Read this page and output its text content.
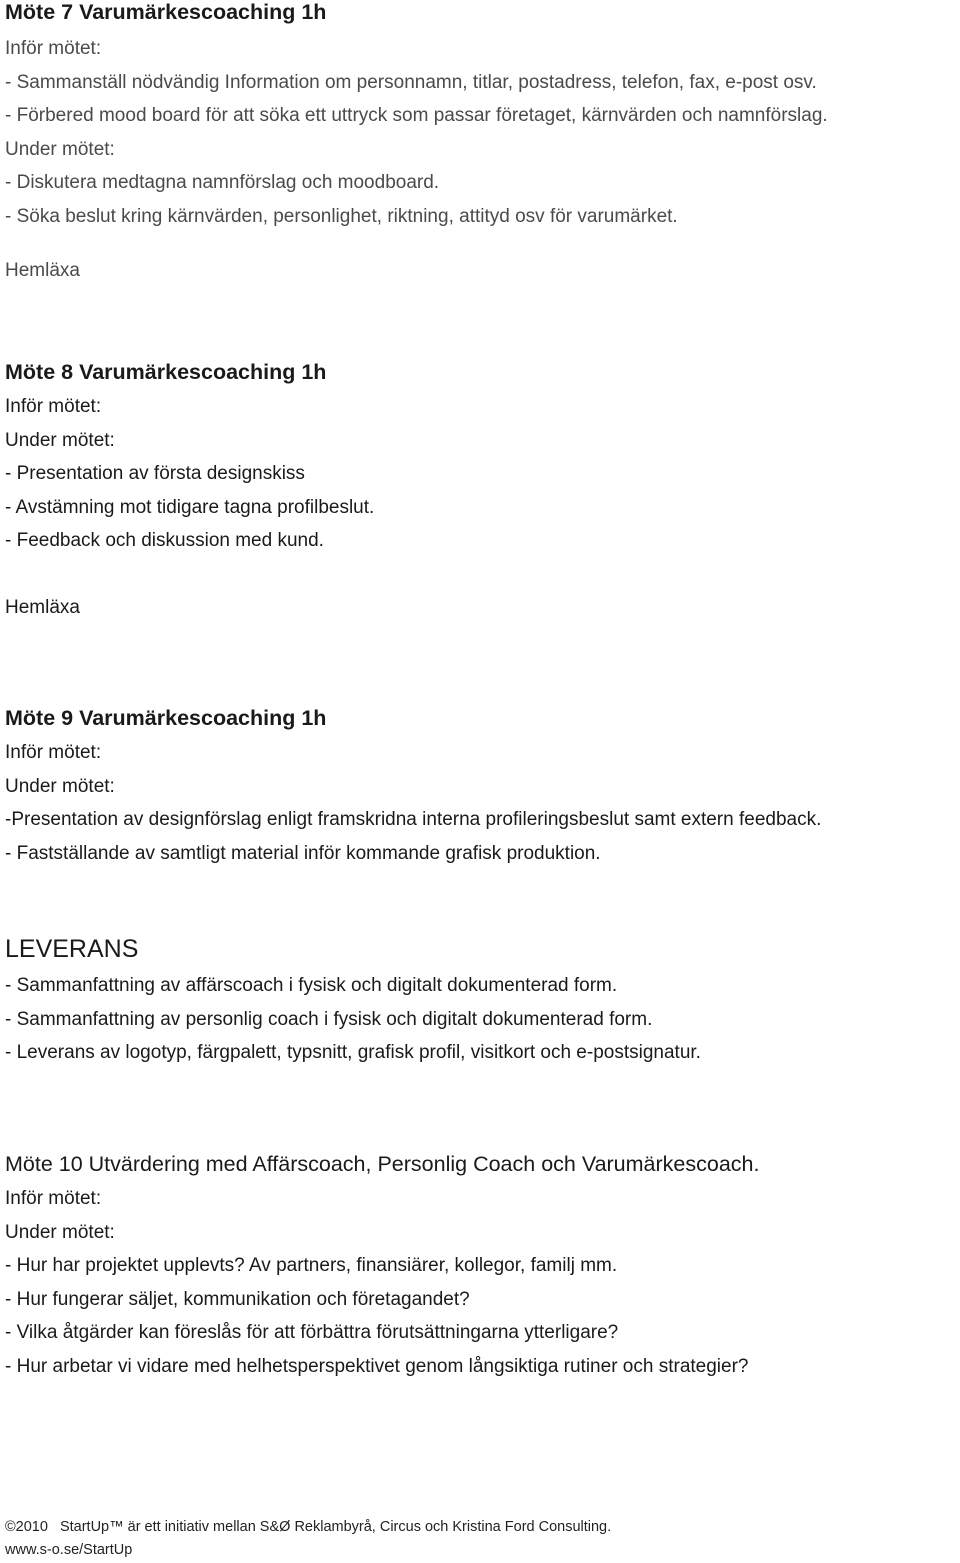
Möte 7 Varumärkescoaching 1h
Inför mötet:
- Sammanställ nödvändig Information om personnamn, titlar, postadress, telefon, fax, e-post osv.
- Förbered mood board för att söka ett uttryck som passar företaget, kärnvärden och namnförslag.
Under mötet:
- Diskutera medtagna namnförslag och moodboard.
- Söka beslut kring kärnvärden, personlighet, riktning, attityd osv för varumärket.
Hemläxa
Möte 8 Varumärkescoaching 1h
Inför mötet:
Under mötet:
- Presentation av första designskiss
- Avstämning mot tidigare tagna profilbeslut.
- Feedback och diskussion med kund.
Hemläxa
Möte 9 Varumärkescoaching 1h
Inför mötet:
Under mötet:
-Presentation av designförslag enligt framskridna interna profileringsbeslut samt extern feedback.
- Fastställande av samtligt material inför kommande grafisk produktion.
LEVERANS
- Sammanfattning av affärscoach i fysisk och digitalt dokumenterad form.
- Sammanfattning av personlig coach i fysisk och digitalt dokumenterad form.
- Leverans av logotyp, färgpalett, typsnitt, grafisk profil, visitkort och e-postsignatur.
Möte 10 Utvärdering med Affärscoach, Personlig Coach och Varumärkescoach.
Inför mötet:
Under mötet:
- Hur har projektet upplevts? Av partners, finansiärer, kollegor, familj mm.
- Hur fungerar säljet, kommunikation och företagandet?
- Vilka åtgärder kan föreslås för att förbättra förutsättningarna ytterligare?
- Hur arbetar vi vidare med helhetsperspektivet genom långsiktiga rutiner och strategier?
©2010 StartUp™ är ett initiativ mellan S&Ø Reklambyrå, Circus och Kristina Ford Consulting.
www.s-o.se/StartUp
